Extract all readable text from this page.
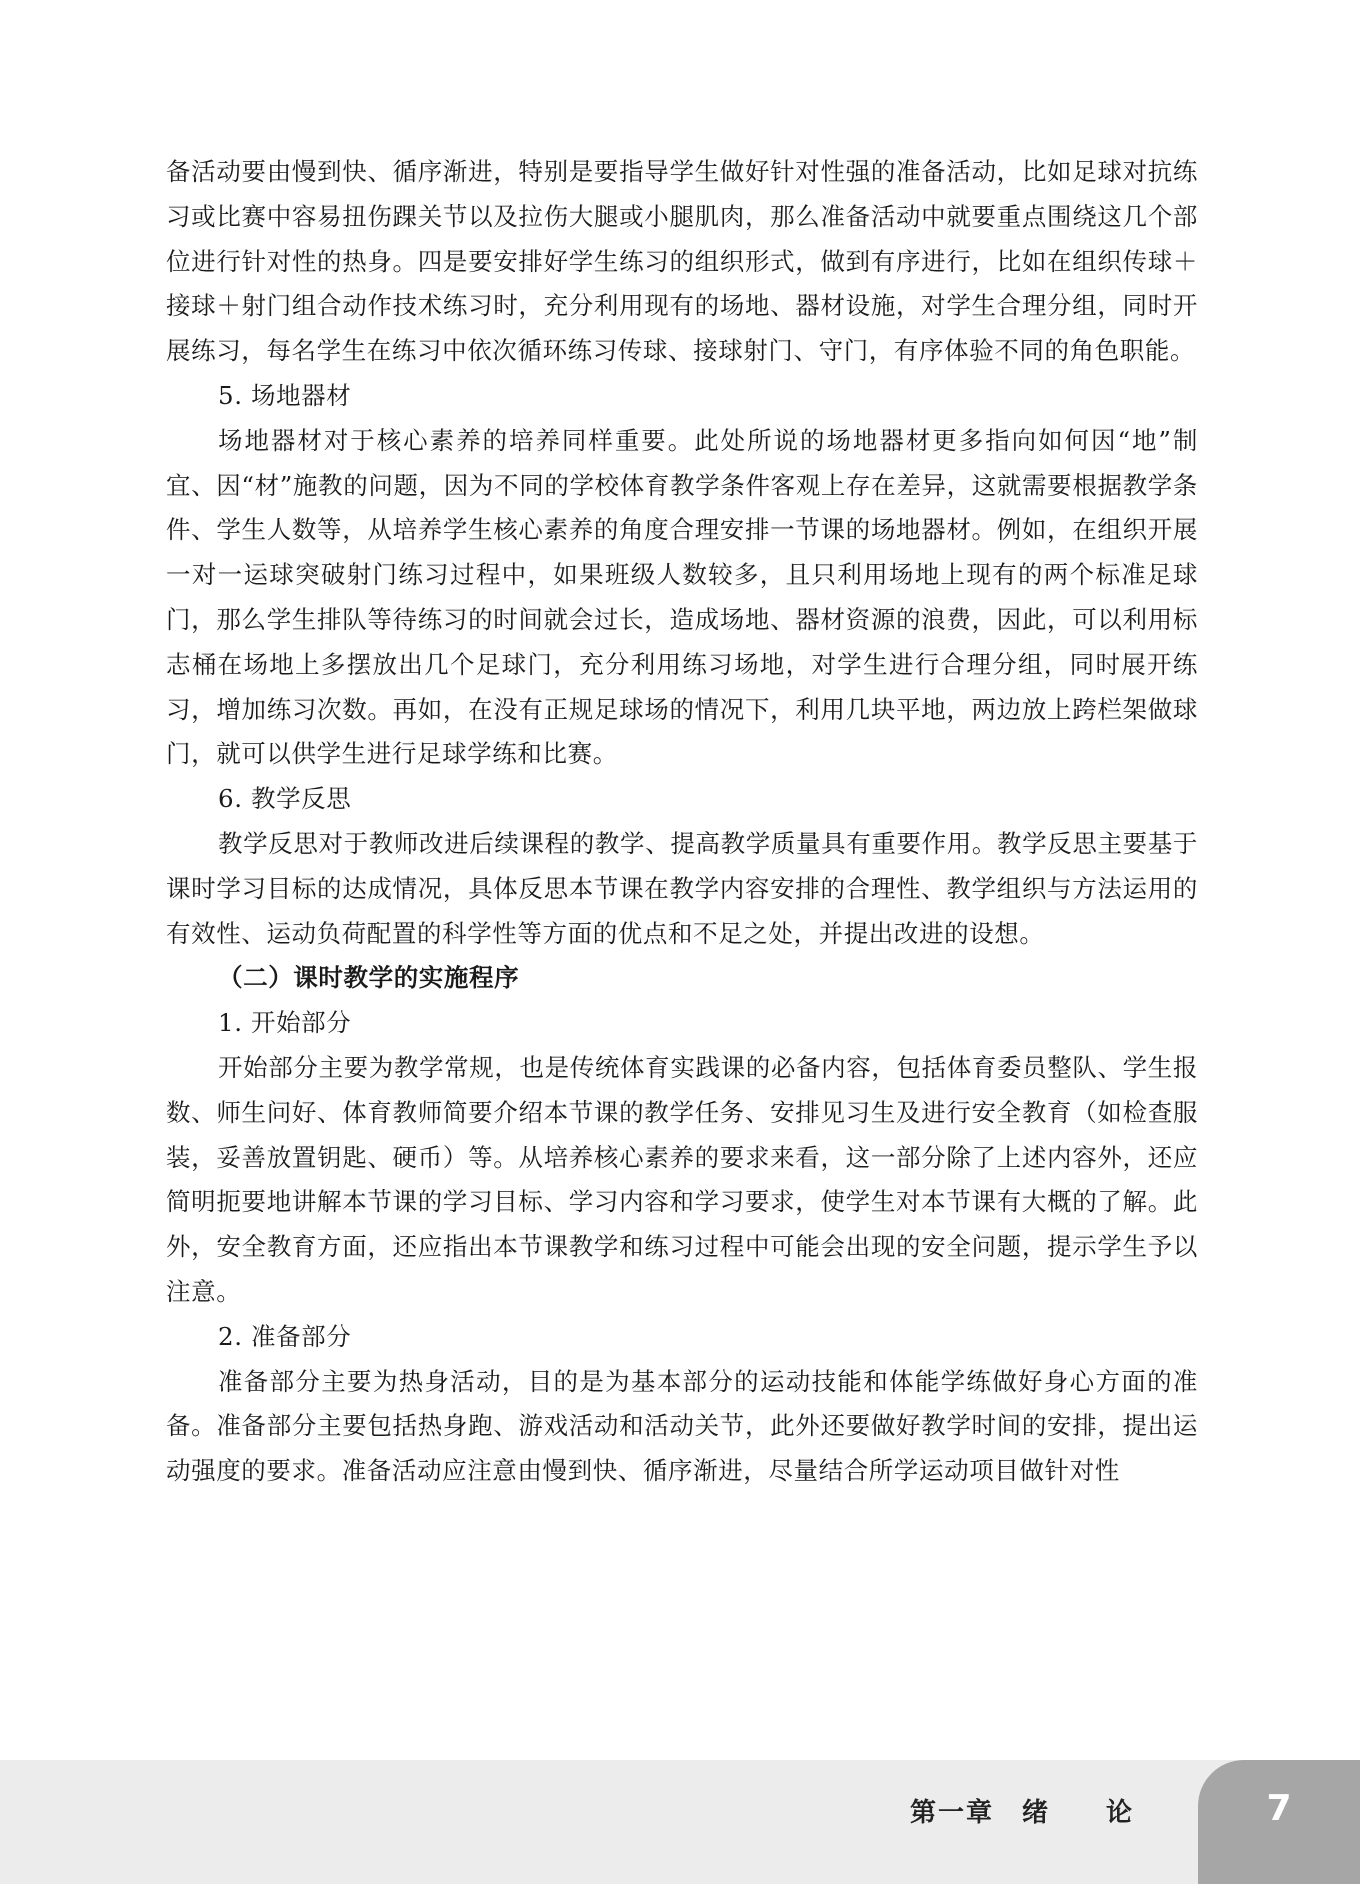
备活动要由慢到快、循序渐进，特别是要指导学生做好针对性强的准备活动，比如足球对抗练习或比赛中容易扭伤踝关节以及拉伤大腿或小腿肌肉，那么准备活动中就要重点围绕这几个部位进行针对性的热身。四是要安排好学生练习的组织形式，做到有序进行，比如在组织传球＋接球＋射门组合动作技术练习时，充分利用现有的场地、器材设施，对学生合理分组，同时开展练习，每名学生在练习中依次循环练习传球、接球射门、守门，有序体验不同的角色职能。

5. 场地器材

场地器材对于核心素养的培养同样重要。此处所说的场地器材更多指向如何因“地”制宜、因“材”施教的问题，因为不同的学校体育教学条件客观上存在差异，这就需要根据教学条件、学生人数等，从培养学生核心素养的角度合理安排一节课的场地器材。例如，在组织开展一对一运球突破射门练习过程中，如果班级人数较多，且只利用场地上现有的两个标准足球门，那么学生排队等待练习的时间就会过长，造成场地、器材资源的浪费，因此，可以利用标志桶在场地上多摆放出几个足球门，充分利用练习场地，对学生进行合理分组，同时展开练习，增加练习次数。再如，在没有正规足球场的情况下，利用几块平地，两边放上跨栏架做球门，就可以供学生进行足球学练和比赛。

6. 教学反思

教学反思对于教师改进后续课程的教学、提高教学质量具有重要作用。教学反思主要基于课时学习目标的达成情况，具体反思本节课在教学内容安排的合理性、教学组织与方法运用的有效性、运动负荷配置的科学性等方面的优点和不足之处，并提出改进的设想。

（二）课时教学的实施程序

1. 开始部分

开始部分主要为教学常规，也是传统体育实践课的必备内容，包括体育委员整队、学生报数、师生问好、体育教师简要介绍本节课的教学任务、安排见习生及进行安全教育（如检查服装，妥善放置钥匙、硬币）等。从培养核心素养的要求来看，这一部分除了上述内容外，还应简明扼要地讲解本节课的学习目标、学习内容和学习要求，使学生对本节课有大概的了解。此外，安全教育方面，还应指出本节课教学和练习过程中可能会出现的安全问题，提示学生予以注意。

2. 准备部分

准备部分主要为热身活动，目的是为基本部分的运动技能和体能学练做好身心方面的准备。准备部分主要包括热身跑、游戏活动和活动关节，此外还要做好教学时间的安排，提出运动强度的要求。准备活动应注意由慢到快、循序渐进，尽量结合所学运动项目做针对性

第一章　绪　　论	7
